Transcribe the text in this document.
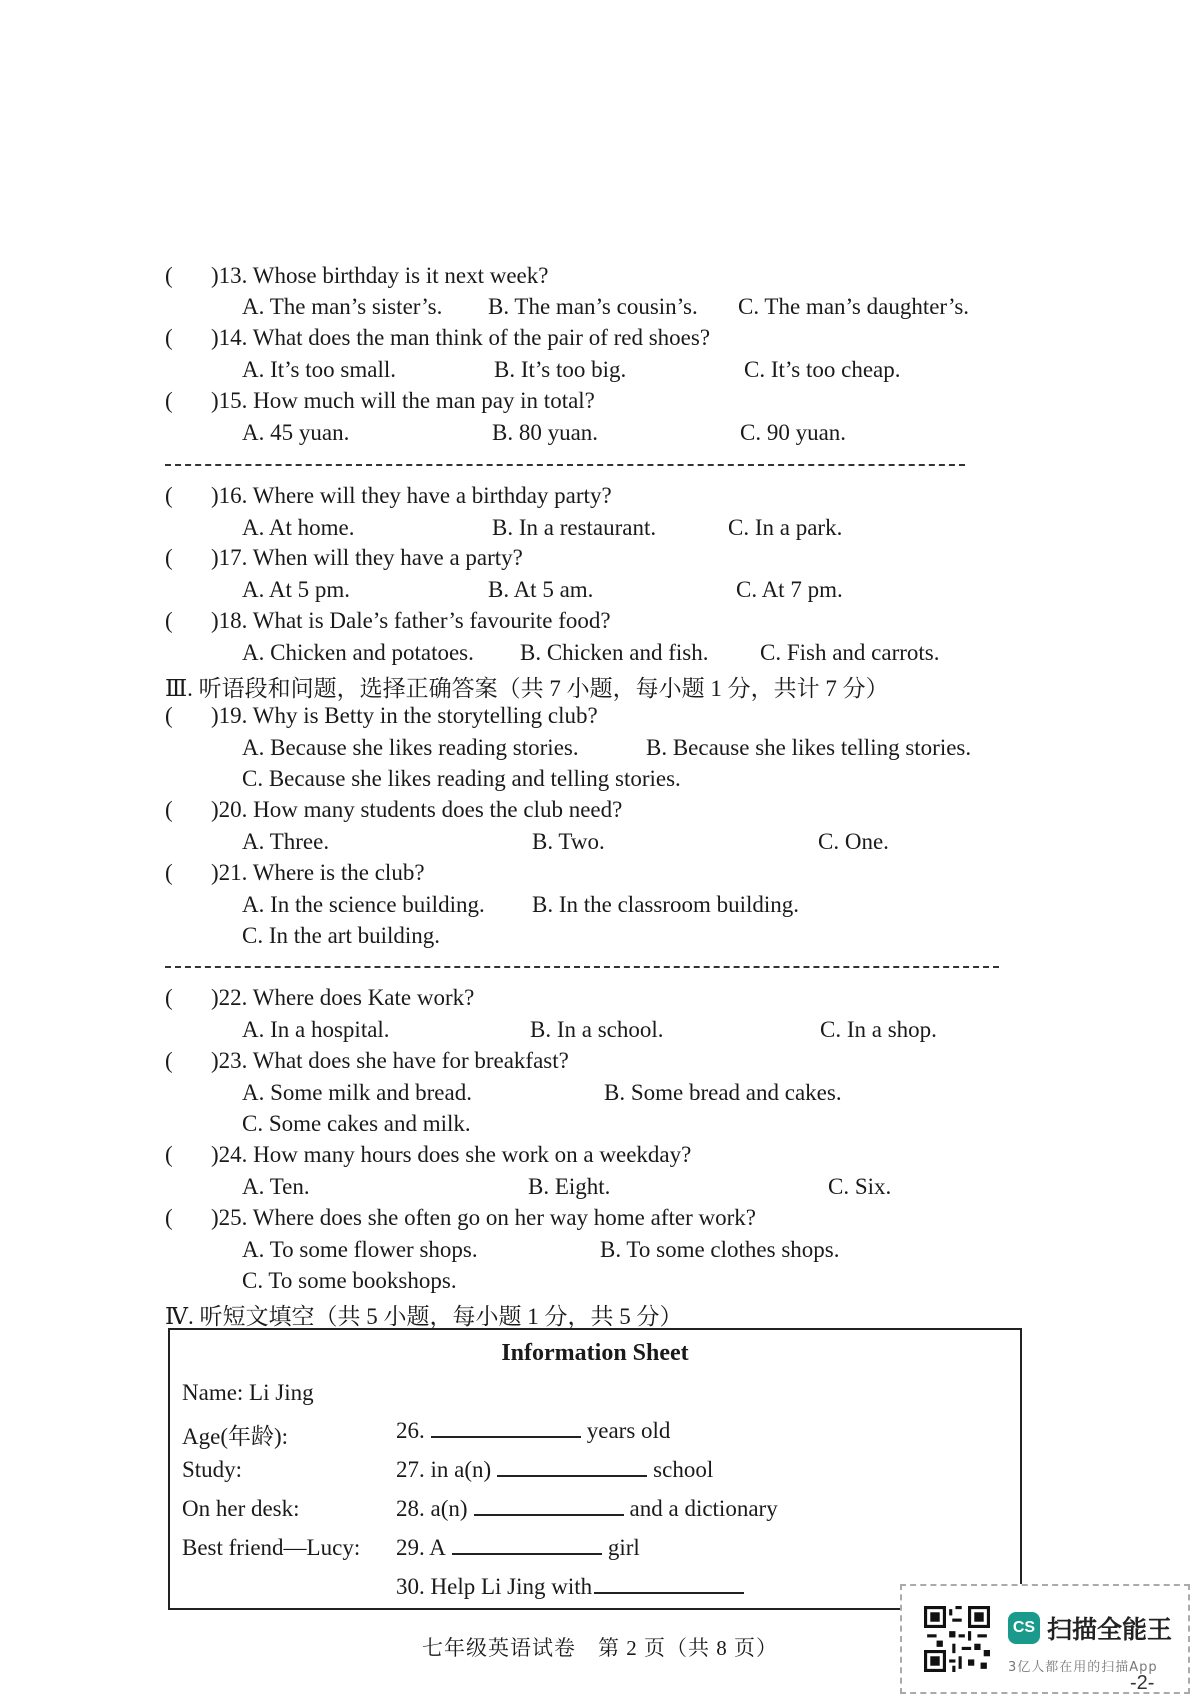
( )13. Whose birthday is it next week?
A. The man’s sister’s. B. The man’s cousin’s. C. The man’s daughter’s.
( )14. What does the man think of the pair of red shoes?
A. It’s too small.	B. It’s too big.	C. It’s too cheap.
( )15. How much will the man pay in total?
A. 45 yuan.	B. 80 yuan.	C. 90 yuan.
( )16. Where will they have a birthday party?
A. At home.	B. In a restaurant.	C. In a park.
( )17. When will they have a party?
A. At 5 pm.	B. At 5 am.	C. At 7 pm.
( )18. What is Dale’s father’s favourite food?
A. Chicken and potatoes. B. Chicken and fish. C. Fish and carrots.
Ⅲ. 听语段和问题，选择正确答案（共 7 小题，每小题 1 分，共计 7 分）
( )19. Why is Betty in the storytelling club?
A. Because she likes reading stories.	B. Because she likes telling stories.
C. Because she likes reading and telling stories.
( )20. How many students does the club need?
A. Three.	B. Two.	C. One.
( )21. Where is the club?
A. In the science building. B. In the classroom building.
C. In the art building.
( )22. Where does Kate work?
A. In a hospital.	B. In a school.	C. In a shop.
( )23. What does she have for breakfast?
A. Some milk and bread.	B. Some bread and cakes.
C. Some cakes and milk.
( )24. How many hours does she work on a weekday?
A. Ten.	B. Eight.	C. Six.
( )25. Where does she often go on her way home after work?
A. To some flower shops.	B. To some clothes shops.
C. To some bookshops.
Ⅳ. 听短文填空（共 5 小题，每小题 1 分，共 5 分）
Information Sheet
Name: Li Jing
Age(年龄):	26.	years old
Study:	27. in a(n)	school
On her desk:	28. a(n)	and a dictionary
Best friend—Lucy: 29. A	girl
30. Help Li Jing with
七年级英语试卷　第 2 页（共 8 页）
CS 扫描全能王
3亿人都在用的扫描App
-2-
